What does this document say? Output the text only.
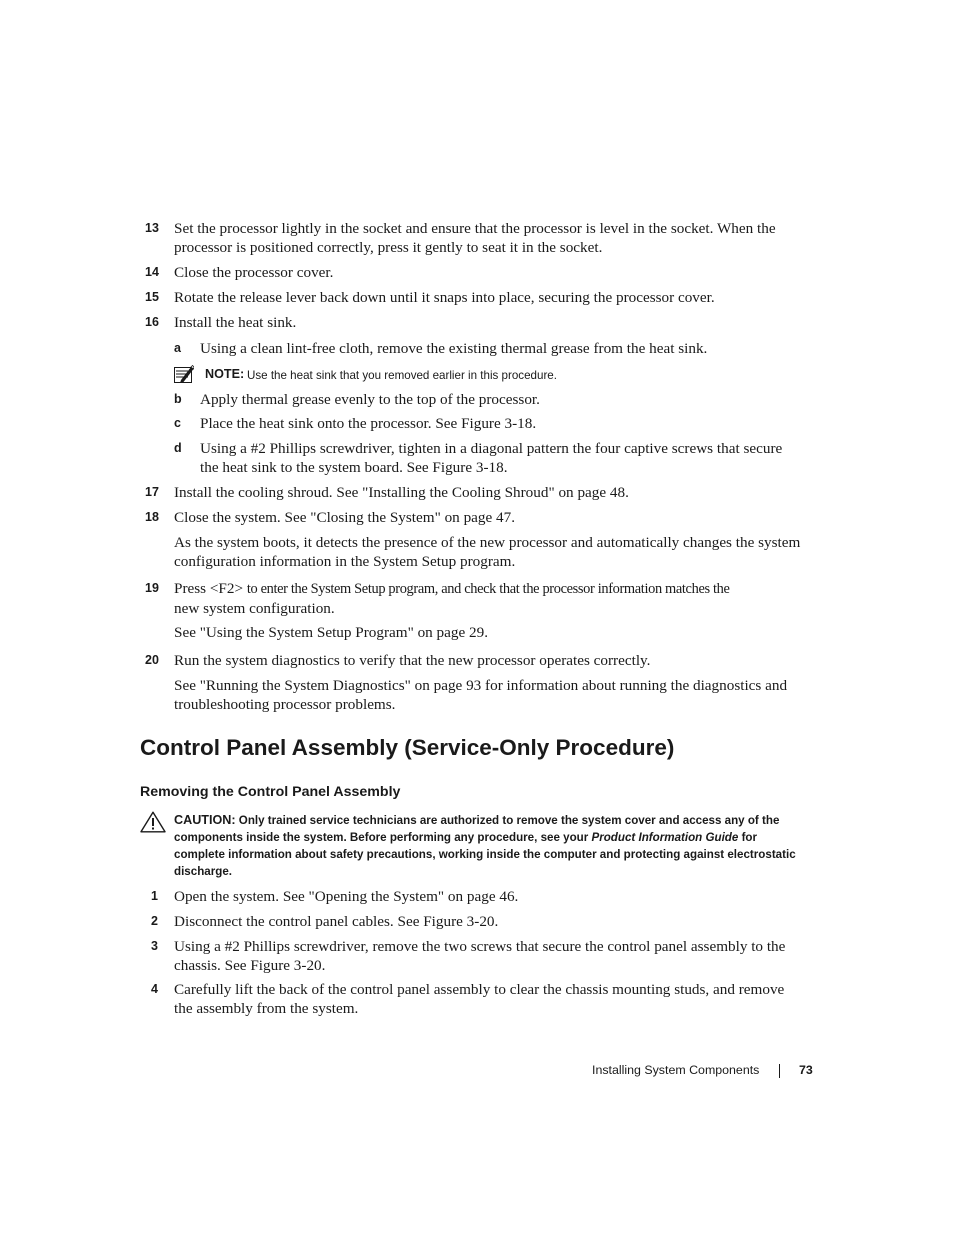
13 Set the processor lightly in the socket and ensure that the processor is level in the socket. When the
processor is positioned correctly, press it gently to seat it in the socket.
14 Close the processor cover.
15 Rotate the release lever back down until it snaps into place, securing the processor cover.
16 Install the heat sink.
a Using a clean lint-free cloth, remove the existing thermal grease from the heat sink.
NOTE: Use the heat sink that you removed earlier in this procedure.
b Apply thermal grease evenly to the top of the processor.
c Place the heat sink onto the processor. See Figure 3-18.
d Using a #2 Phillips screwdriver, tighten in a diagonal pattern the four captive screws that secure
the heat sink to the system board. See Figure 3-18.
17 Install the cooling shroud. See "Installing the Cooling Shroud" on page 48.
18 Close the system. See "Closing the System" on page 47.
As the system boots, it detects the presence of the new processor and automatically changes the system
configuration information in the System Setup program.
19 Press <F2> to enter the System Setup program, and check that the processor information matches the
new system configuration.
See "Using the System Setup Program" on page 29.
20 Run the system diagnostics to verify that the new processor operates correctly.
See "Running the System Diagnostics" on page 93 for information about running the diagnostics and
troubleshooting processor problems.
Control Panel Assembly (Service-Only Procedure)
Removing the Control Panel Assembly
CAUTION: Only trained service technicians are authorized to remove the system cover and access any of the
components inside the system. Before performing any procedure, see your Product Information Guide for
complete information about safety precautions, working inside the computer and protecting against electrostatic
discharge.
1 Open the system. See "Opening the System" on page 46.
2 Disconnect the control panel cables. See Figure 3-20.
3 Using a #2 Phillips screwdriver, remove the two screws that secure the control panel assembly to the
chassis. See Figure 3-20.
4 Carefully lift the back of the control panel assembly to clear the chassis mounting studs, and remove
the assembly from the system.
Installing System Components	73
